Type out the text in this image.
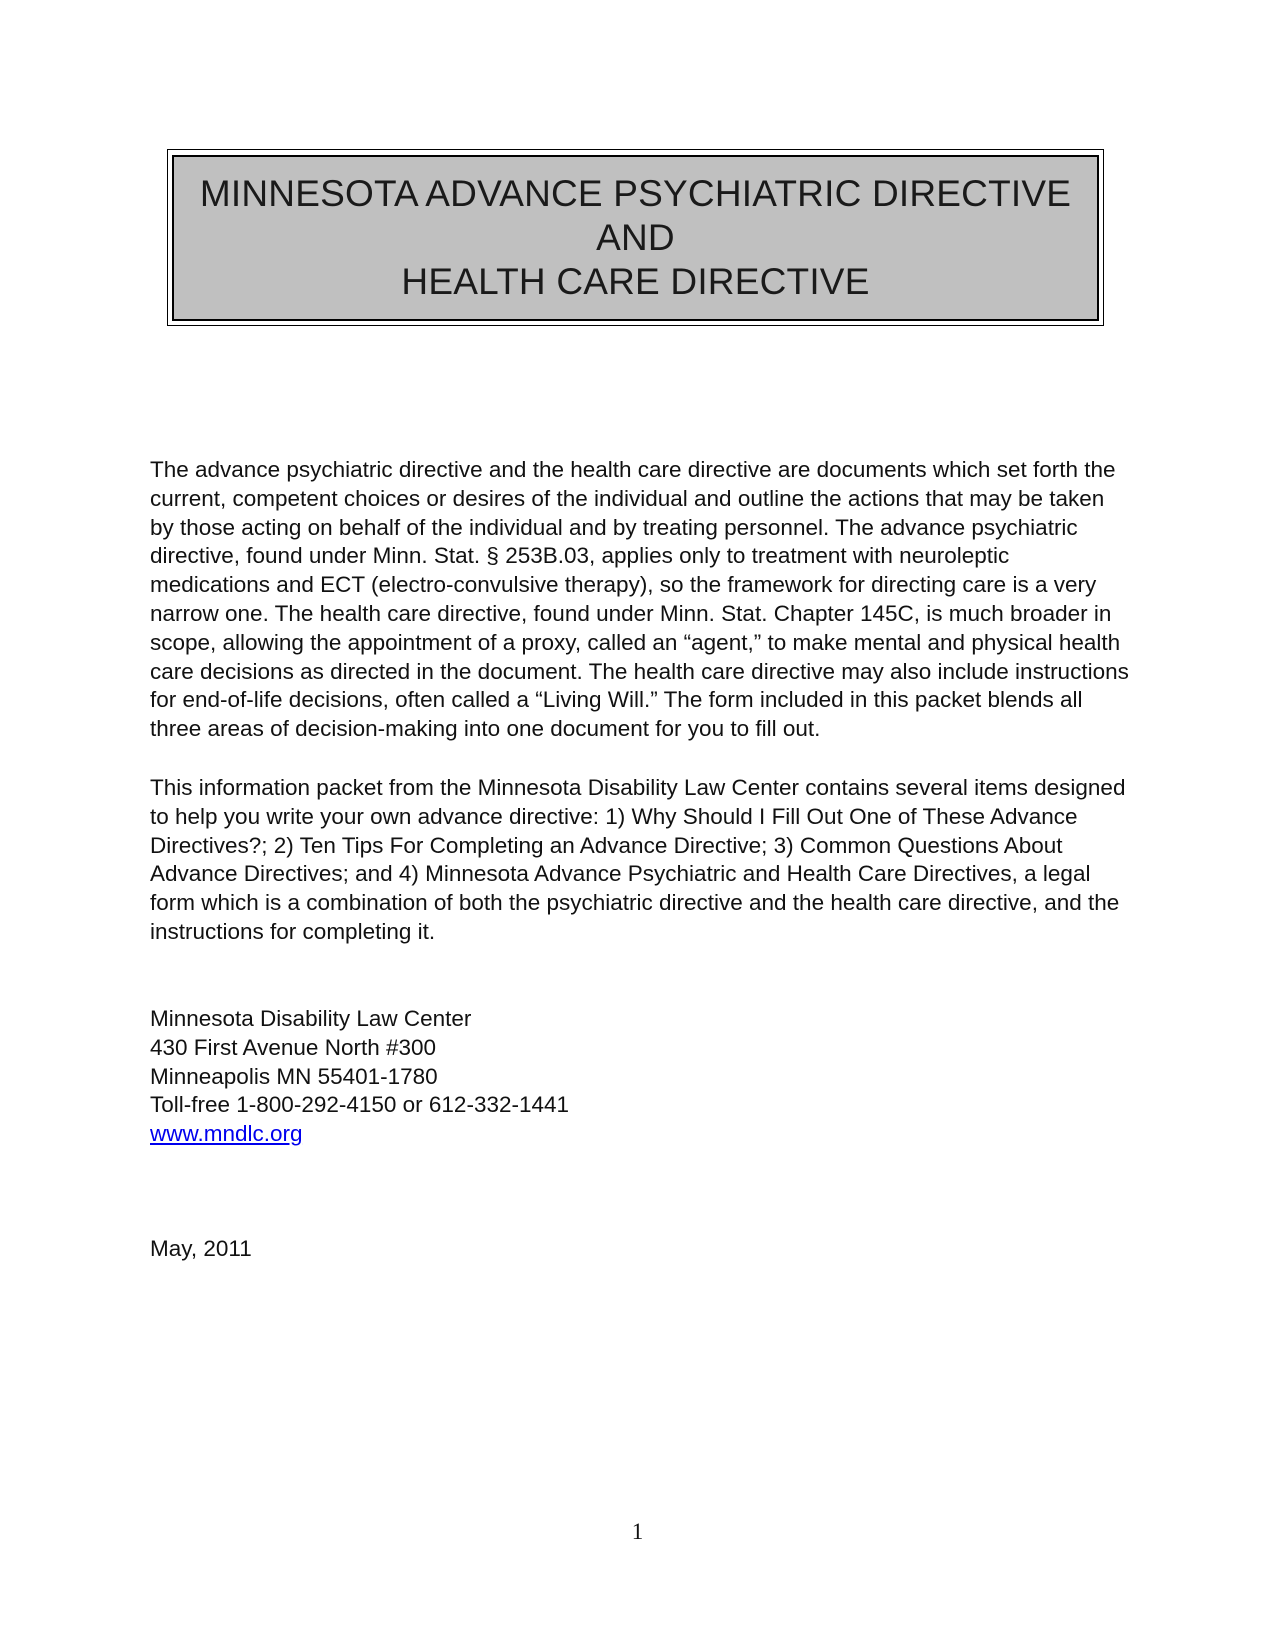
MINNESOTA ADVANCE PSYCHIATRIC DIRECTIVE
AND
HEALTH CARE DIRECTIVE

The advance psychiatric directive and the health care directive are documents which set forth the current, competent choices or desires of the individual and outline the actions that may be taken by those acting on behalf of the individual and by treating personnel. The advance psychiatric directive, found under Minn. Stat. § 253B.03, applies only to treatment with neuroleptic medications and ECT (electro-convulsive therapy), so the framework for directing care is a very narrow one. The health care directive, found under Minn. Stat. Chapter 145C, is much broader in scope, allowing the appointment of a proxy, called an “agent,” to make mental and physical health care decisions as directed in the document. The health care directive may also include instructions for end-of-life decisions, often called a “Living Will.” The form included in this packet blends all three areas of decision-making into one document for you to fill out.

This information packet from the Minnesota Disability Law Center contains several items designed to help you write your own advance directive: 1) Why Should I Fill Out One of These Advance Directives?; 2) Ten Tips For Completing an Advance Directive; 3) Common Questions About Advance Directives; and 4) Minnesota Advance Psychiatric and Health Care Directives, a legal form which is a combination of both the psychiatric directive and the health care directive, and the instructions for completing it.

Minnesota Disability Law Center
430 First Avenue North #300
Minneapolis MN 55401-1780
Toll-free 1-800-292-4150 or 612-332-1441
www.mndlc.org
May, 2011
1
